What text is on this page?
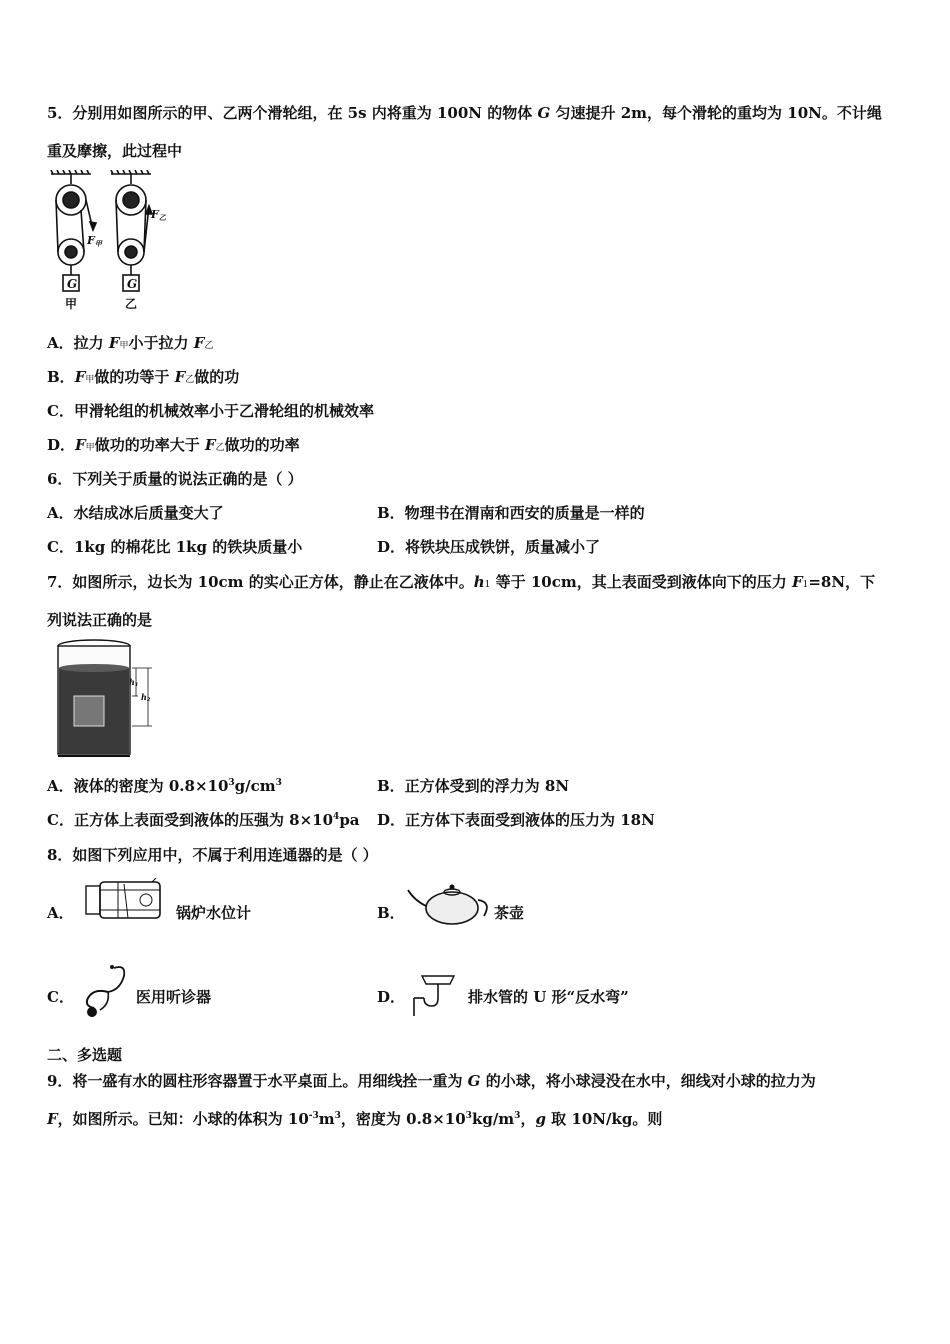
5．分别用如图所示的甲、乙两个滑轮组，在 5s 内将重为 100N 的物体 G 匀速提升 2m，每个滑轮的重均为 10N。不计绳
重及摩擦，此过程中
G
F甲
甲
G
F乙
乙
A．拉力 F甲小于拉力 F乙
B．F甲做的功等于 F乙做的功
C．甲滑轮组的机械效率小于乙滑轮组的机械效率
D．F甲做功的功率大于 F乙做功的功率
6．下列关于质量的说法正确的是（ ）
A．水结成冰后质量变大了	B．物理书在渭南和西安的质量是一样的
C．1kg 的棉花比 1kg 的铁块质量小	D．将铁块压成铁饼，质量减小了
7．如图所示，边长为 10cm 的实心正方体，静止在乙液体中。h1 等于 10cm，其上表面受到液体向下的压力 F1=8N，下
列说法正确的是
h1
h2
A．液体的密度为 $0.8\times 10^3g/cm^3$	B．正方体受到的浮力为 8N
C．正方体上表面受到液体的压强为 $8\times 10^4pa$ D．正方体下表面受到液体的压力为 18N
8．如图下列应用中，不属于利用连通器的是（ ）
A．	锅炉水位计	B．	茶壶
C．	医用听诊器	D．	排水管的 U 形“反水弯”
二、多选题
9．将一盛有水的圆柱形容器置于水平桌面上。用细线拴一重为 G 的小球，将小球浸没在水中，细线对小球的拉力为
F，如图所示。已知：小球的体积为 $10^{-3}m^3$，密度为 $0.8\times 10^3kg/m^3$，g 取 10N/kg。则
